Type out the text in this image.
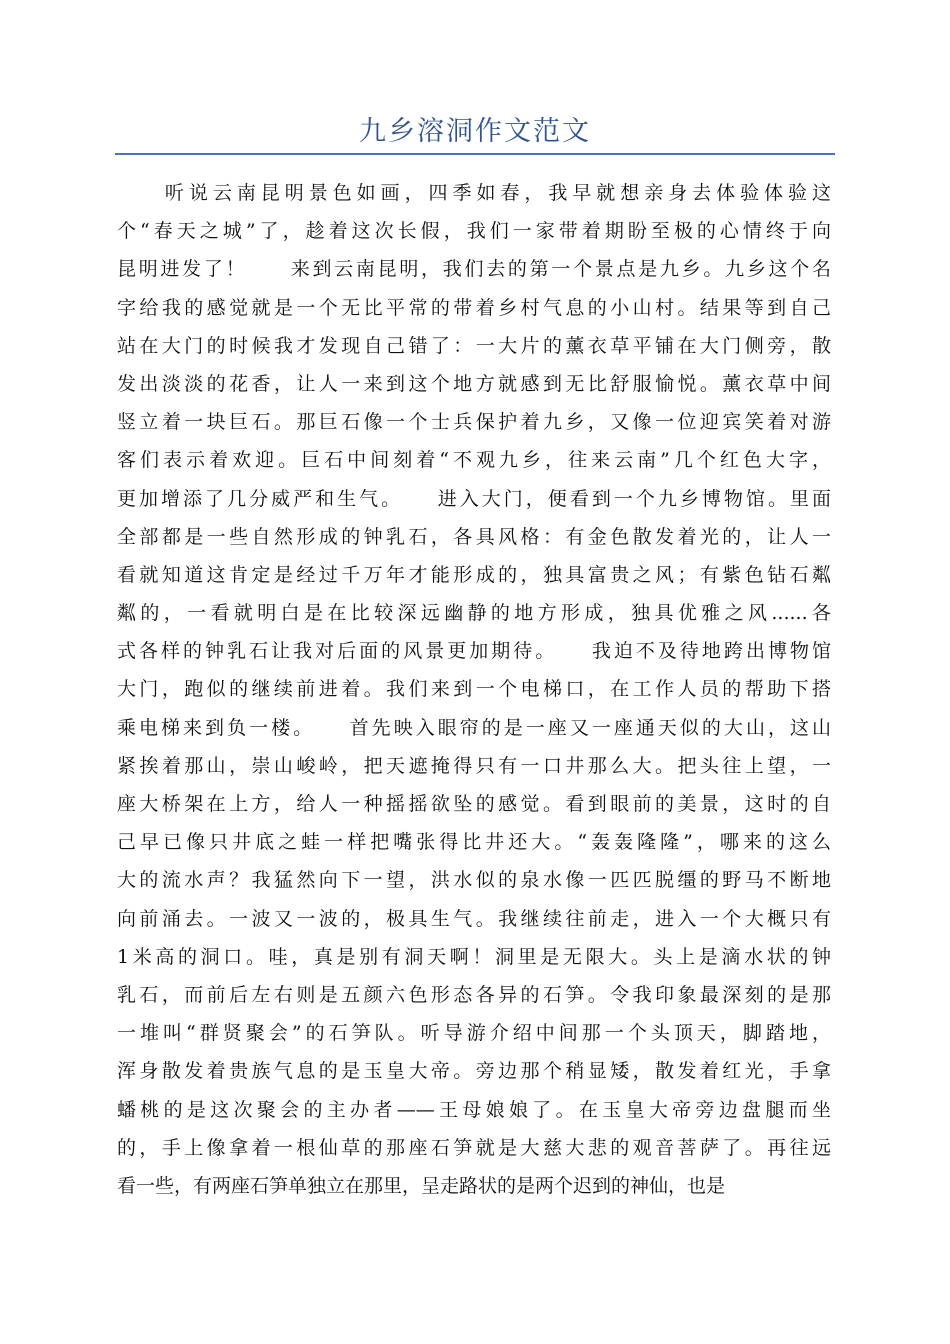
九乡溶洞作文范文
　　听说云南昆明景色如画，四季如春，我早就想亲身去体验体验这
个“春天之城”了，趁着这次长假，我们一家带着期盼至极的心情终于向
昆明进发了！　　来到云南昆明，我们去的第一个景点是九乡。九乡这个名
字给我的感觉就是一个无比平常的带着乡村气息的小山村。结果等到自己
站在大门的时候我才发现自己错了：一大片的薰衣草平铺在大门侧旁，散
发出淡淡的花香，让人一来到这个地方就感到无比舒服愉悦。薰衣草中间
竖立着一块巨石。那巨石像一个士兵保护着九乡，又像一位迎宾笑着对游
客们表示着欢迎。巨石中间刻着“不观九乡，往来云南”几个红色大字，
更加增添了几分威严和生气。　　进入大门，便看到一个九乡博物馆。里面
全部都是一些自然形成的钟乳石，各具风格：有金色散发着光的，让人一
看就知道这肯定是经过千万年才能形成的，独具富贵之风；有紫色钻石粼
粼的，一看就明白是在比较深远幽静的地方形成，独具优雅之风......各
式各样的钟乳石让我对后面的风景更加期待。　　我迫不及待地跨出博物馆
大门，跑似的继续前进着。我们来到一个电梯口，在工作人员的帮助下搭
乘电梯来到负一楼。　　首先映入眼帘的是一座又一座通天似的大山，这山
紧挨着那山，崇山峻岭，把天遮掩得只有一口井那么大。把头往上望，一
座大桥架在上方，给人一种摇摇欲坠的感觉。看到眼前的美景，这时的自
己早已像只井底之蛙一样把嘴张得比井还大。“轰轰隆隆”，哪来的这么
大的流水声？我猛然向下一望，洪水似的泉水像一匹匹脱缰的野马不断地
向前涌去。一波又一波的，极具生气。我继续往前走，进入一个大概只有
1米高的洞口。哇，真是别有洞天啊！洞里是无限大。头上是滴水状的钟
乳石，而前后左右则是五颜六色形态各异的石笋。令我印象最深刻的是那
一堆叫“群贤聚会”的石笋队。听导游介绍中间那一个头顶天，脚踏地，
浑身散发着贵族气息的是玉皇大帝。旁边那个稍显矮，散发着红光，手拿
蟠桃的是这次聚会的主办者——王母娘娘了。在玉皇大帝旁边盘腿而坐
的，手上像拿着一根仙草的那座石笋就是大慈大悲的观音菩萨了。再往远
看一些，有两座石笋单独立在那里，呈走路状的是两个迟到的神仙，也是
